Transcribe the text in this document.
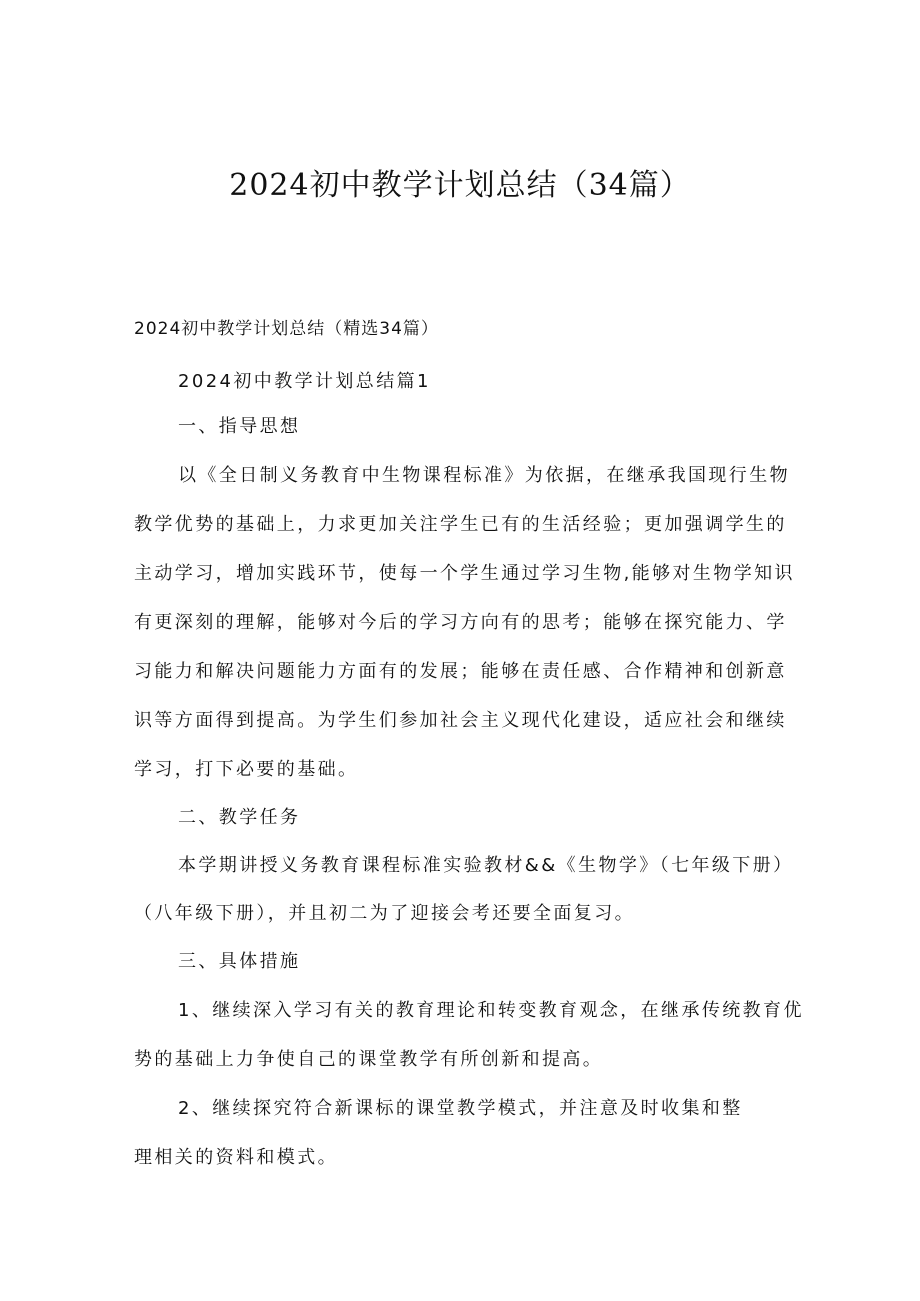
2024初中教学计划总结（34篇）
2024初中教学计划总结（精选34篇）
2024初中教学计划总结篇1
一、指导思想
以《全日制义务教育中生物课程标准》为依据，在继承我国现行生物
教学优势的基础上，力求更加关注学生已有的生活经验；更加强调学生的
主动学习，增加实践环节，使每一个学生通过学习生物,能够对生物学知识
有更深刻的理解，能够对今后的学习方向有的思考；能够在探究能力、学
习能力和解决问题能力方面有的发展；能够在责任感、合作精神和创新意
识等方面得到提高。为学生们参加社会主义现代化建设，适应社会和继续
学习，打下必要的基础。
二、教学任务
本学期讲授义务教育课程标准实验教材&&《生物学》（七年级下册）
（八年级下册），并且初二为了迎接会考还要全面复习。
三、具体措施
1、继续深入学习有关的教育理论和转变教育观念，在继承传统教育优
势的基础上力争使自己的课堂教学有所创新和提高。
2、继续探究符合新课标的课堂教学模式，并注意及时收集和整
理相关的资料和模式。
